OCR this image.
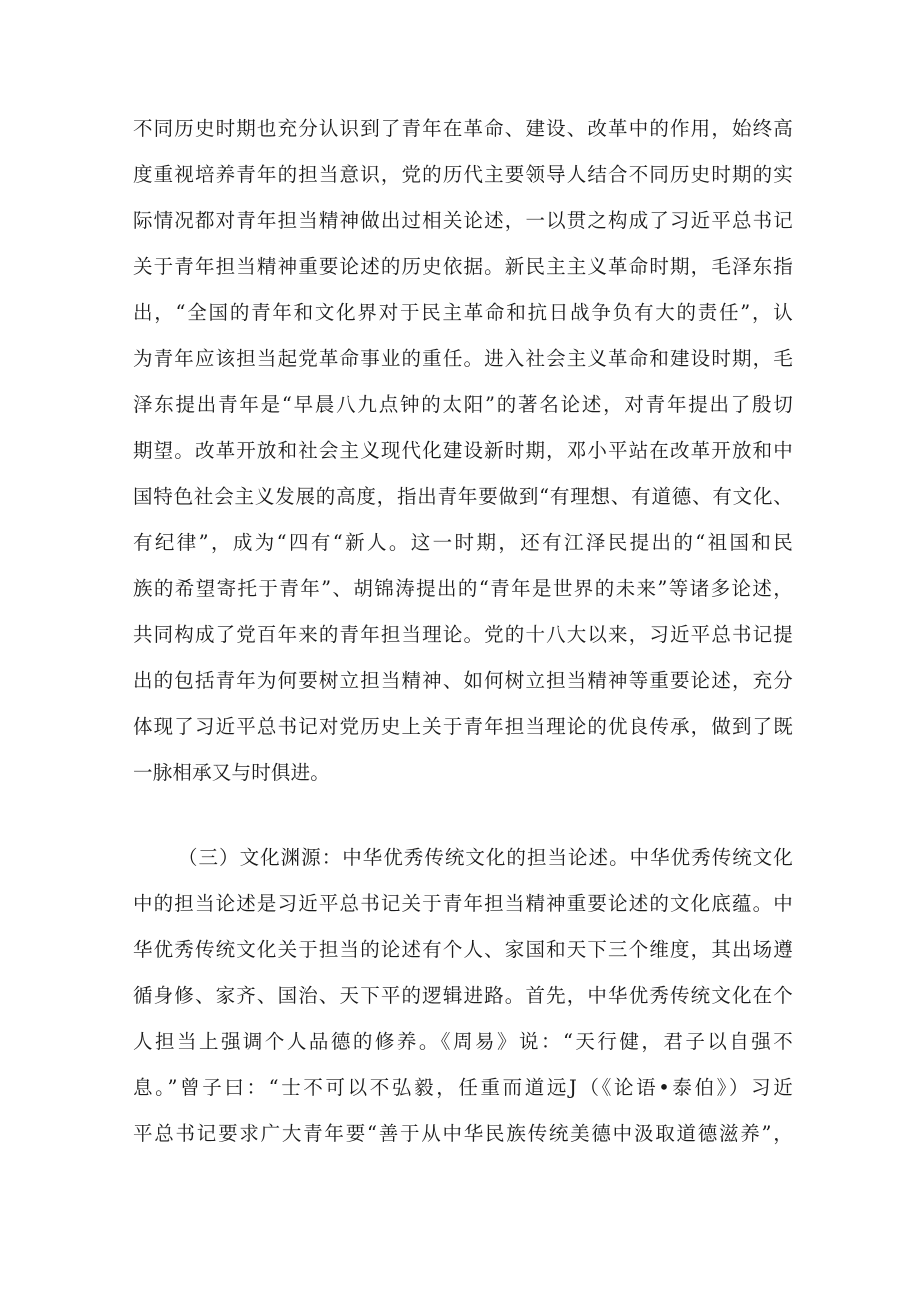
不同历史时期也充分认识到了青年在革命、建设、改革中的作用，始终高
度重视培养青年的担当意识，党的历代主要领导人结合不同历史时期的实
际情况都对青年担当精神做出过相关论述，一以贯之构成了习近平总书记
关于青年担当精神重要论述的历史依据。新民主主义革命时期，毛泽东指
出，“全国的青年和文化界对于民主革命和抗日战争负有大的责任”，认
为青年应该担当起党革命事业的重任。进入社会主义革命和建设时期，毛
泽东提出青年是“早晨八九点钟的太阳”的著名论述，对青年提出了殷切
期望。改革开放和社会主义现代化建设新时期，邓小平站在改革开放和中
国特色社会主义发展的高度，指出青年要做到“有理想、有道德、有文化、
有纪律”，成为“四有“新人。这一时期，还有江泽民提出的“祖国和民
族的希望寄托于青年”、胡锦涛提出的“青年是世界的未来”等诸多论述，
共同构成了党百年来的青年担当理论。党的十八大以来，习近平总书记提
出的包括青年为何要树立担当精神、如何树立担当精神等重要论述，充分
体现了习近平总书记对党历史上关于青年担当理论的优良传承，做到了既
一脉相承又与时俱进。
（三）文化渊源：中华优秀传统文化的担当论述。中华优秀传统文化
中的担当论述是习近平总书记关于青年担当精神重要论述的文化底蕴。中
华优秀传统文化关于担当的论述有个人、家国和天下三个维度，其出场遵
循身修、家齐、国治、天下平的逻辑进路。首先，中华优秀传统文化在个
人担当上强调个人品德的修养。《周易》说：“天行健，君子以自强不
息。”曾子曰：“士不可以不弘毅，任重而道远J（《论语•泰伯》）习近
平总书记要求广大青年要“善于从中华民族传统美德中汲取道德滋养”，
